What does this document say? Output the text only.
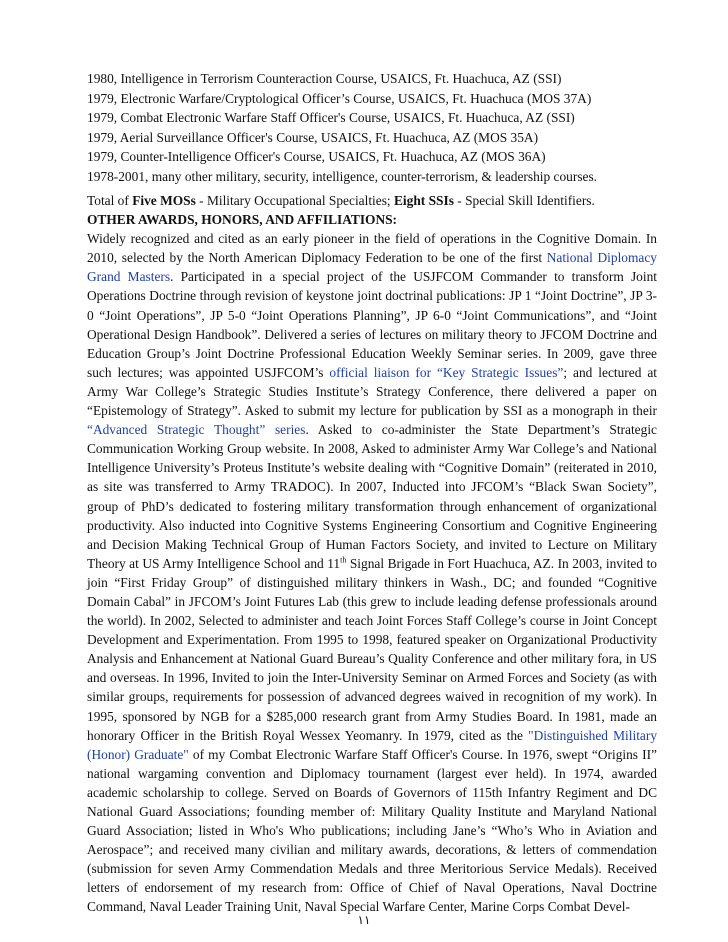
1980, Intelligence in Terrorism Counteraction Course, USAICS, Ft. Huachuca, AZ (SSI)
1979, Electronic Warfare/Cryptological Officer’s Course, USAICS, Ft. Huachuca (MOS 37A)
1979, Combat Electronic Warfare Staff Officer's Course, USAICS, Ft. Huachuca, AZ (SSI)
1979, Aerial Surveillance Officer's Course, USAICS, Ft. Huachuca, AZ (MOS 35A)
1979, Counter-Intelligence Officer's Course, USAICS, Ft. Huachuca, AZ (MOS 36A)
1978-2001, many other military, security, intelligence, counter-terrorism, & leadership courses.
Total of Five MOSs - Military Occupational Specialties; Eight SSIs - Special Skill Identifiers.
OTHER AWARDS, HONORS, AND AFFILIATIONS:
Widely recognized and cited as an early pioneer in the field of operations in the Cognitive Domain. In 2010, selected by the North American Diplomacy Federation to be one of the first National Diplomacy Grand Masters. Participated in a special project of the USJFCOM Commander to transform Joint Operations Doctrine through revision of keystone joint doctrinal publications: JP 1 “Joint Doctrine”, JP 3-0 “Joint Operations”, JP 5-0 “Joint Operations Planning”, JP 6-0 “Joint Communications”, and “Joint Operational Design Handbook”. Delivered a series of lectures on military theory to JFCOM Doctrine and Education Group’s Joint Doctrine Professional Education Weekly Seminar series. In 2009, gave three such lectures; was appointed USJFCOM’s official liaison for “Key Strategic Issues”; and lectured at Army War College’s Strategic Studies Institute’s Strategy Conference, there delivered a paper on “Epistemology of Strategy”. Asked to submit my lecture for publication by SSI as a monograph in their “Advanced Strategic Thought” series. Asked to co-administer the State Department’s Strategic Communication Working Group website. In 2008, Asked to administer Army War College’s and National Intelligence University’s Proteus Institute’s website dealing with “Cognitive Domain” (reiterated in 2010, as site was transferred to Army TRADOC). In 2007, Inducted into JFCOM’s “Black Swan Society”, group of PhD’s dedicated to fostering military transformation through enhancement of organizational productivity. Also inducted into Cognitive Systems Engineering Consortium and Cognitive Engineering and Decision Making Technical Group of Human Factors Society, and invited to Lecture on Military Theory at US Army Intelligence School and 11th Signal Brigade in Fort Huachuca, AZ. In 2003, invited to join “First Friday Group” of distinguished military thinkers in Wash., DC; and founded “Cognitive Domain Cabal” in JFCOM’s Joint Futures Lab (this grew to include leading defense professionals around the world). In 2002, Selected to administer and teach Joint Forces Staff College’s course in Joint Concept Development and Experimentation. From 1995 to 1998, featured speaker on Organizational Productivity Analysis and Enhancement at National Guard Bureau’s Quality Conference and other military fora, in US and overseas. In 1996, Invited to join the Inter-University Seminar on Armed Forces and Society (as with similar groups, requirements for possession of advanced degrees waived in recognition of my work). In 1995, sponsored by NGB for a $285,000 research grant from Army Studies Board. In 1981, made an honorary Officer in the British Royal Wessex Yeomanry. In 1979, cited as the "Distinguished Military (Honor) Graduate" of my Combat Electronic Warfare Staff Officer's Course. In 1976, swept “Origins II” national wargaming convention and Diplomacy tournament (largest ever held). In 1974, awarded academic scholarship to college. Served on Boards of Governors of 115th Infantry Regiment and DC National Guard Associations; founding member of: Military Quality Institute and Maryland National Guard Association; listed in Who's Who publications; including Jane’s “Who’s Who in Aviation and Aerospace”; and received many civilian and military awards, decorations, & letters of commendation (submission for seven Army Commendation Medals and three Meritorious Service Medals). Received letters of endorsement of my research from: Office of Chief of Naval Operations, Naval Doctrine Command, Naval Leader Training Unit, Naval Special Warfare Center, Marine Corps Combat Devel-
١١
